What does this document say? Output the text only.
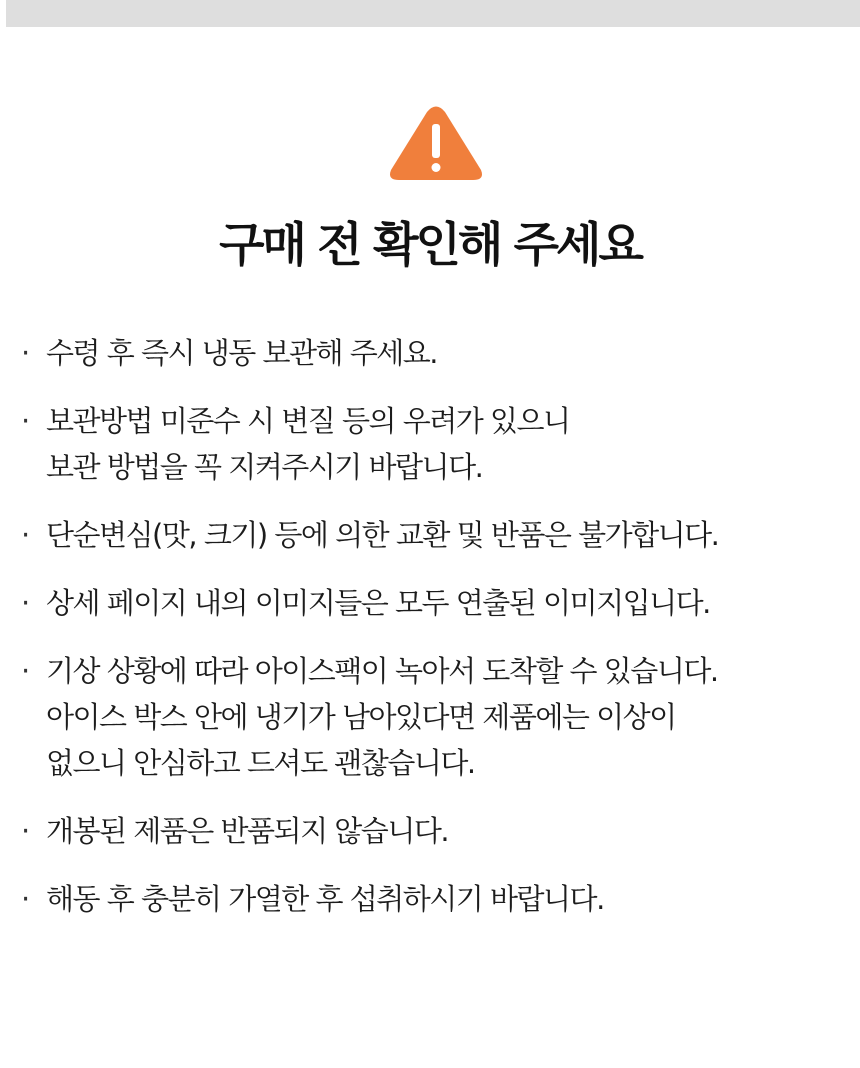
구매 전 확인해 주세요
· 수령 후 즉시 냉동 보관해 주세요.
· 보관방법 미준수 시 변질 등의 우려가 있으니
보관 방법을 꼭 지켜주시기 바랍니다.
· 단순변심(맛, 크기) 등에 의한 교환 및 반품은 불가합니다.
· 상세 페이지 내의 이미지들은 모두 연출된 이미지입니다.
· 기상 상황에 따라 아이스팩이 녹아서 도착할 수 있습니다.
아이스 박스 안에 냉기가 남아있다면 제품에는 이상이
없으니 안심하고 드셔도 괜찮습니다.
· 개봉된 제품은 반품되지 않습니다.
· 해동 후 충분히 가열한 후 섭취하시기 바랍니다.
